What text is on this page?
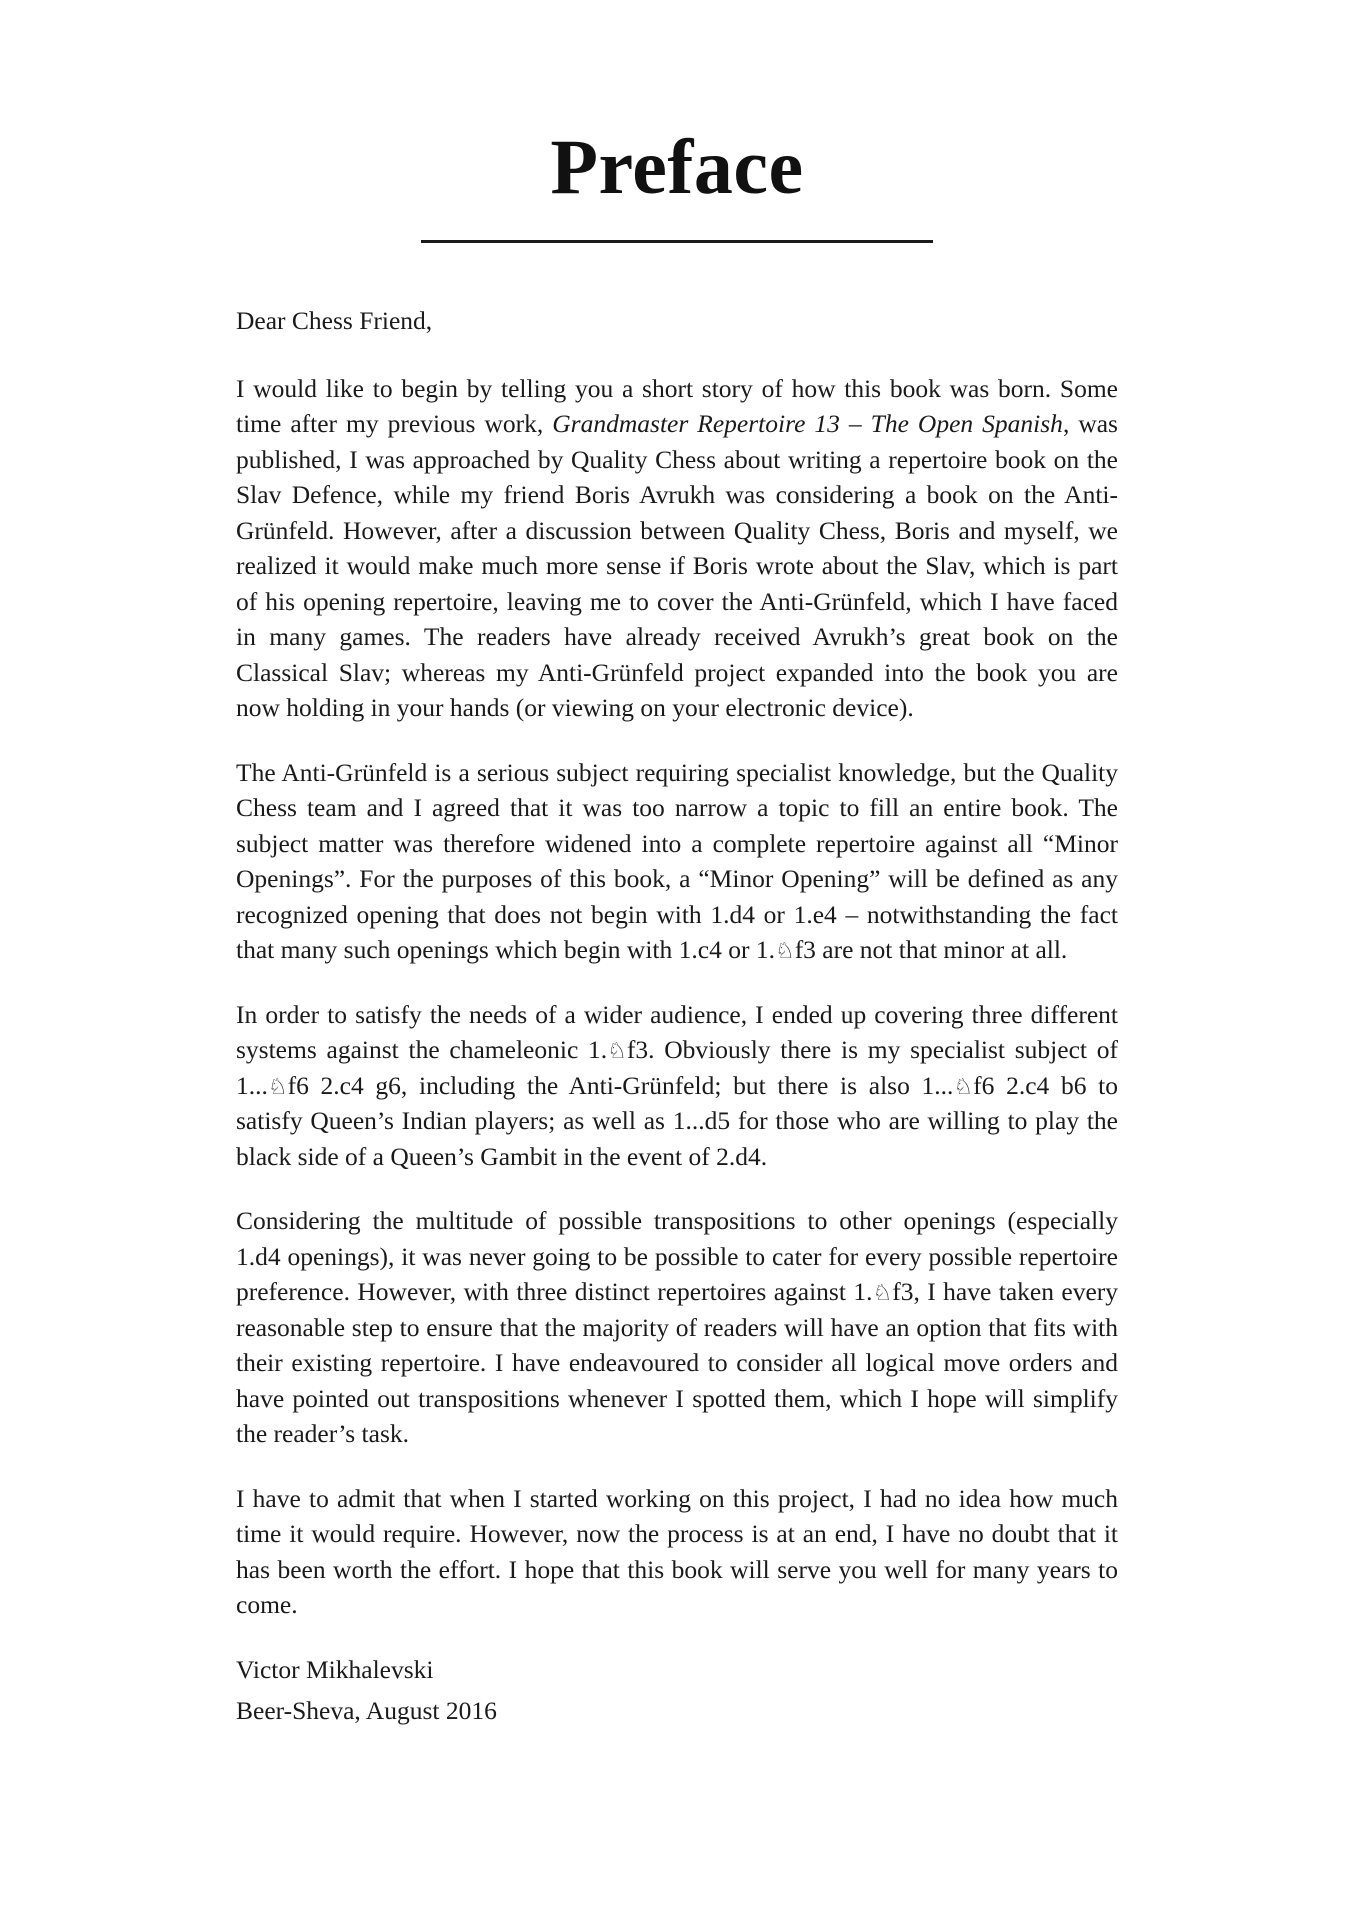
Preface

Dear Chess Friend,

I would like to begin by telling you a short story of how this book was born. Some time after my previous work, Grandmaster Repertoire 13 – The Open Spanish, was published, I was approached by Quality Chess about writing a repertoire book on the Slav Defence, while my friend Boris Avrukh was considering a book on the Anti-Grünfeld. However, after a discussion between Quality Chess, Boris and myself, we realized it would make much more sense if Boris wrote about the Slav, which is part of his opening repertoire, leaving me to cover the Anti-Grünfeld, which I have faced in many games. The readers have already received Avrukh’s great book on the Classical Slav; whereas my Anti-Grünfeld project expanded into the book you are now holding in your hands (or viewing on your electronic device).

The Anti-Grünfeld is a serious subject requiring specialist knowledge, but the Quality Chess team and I agreed that it was too narrow a topic to fill an entire book. The subject matter was therefore widened into a complete repertoire against all “Minor Openings”. For the purposes of this book, a “Minor Opening” will be defined as any recognized opening that does not begin with 1.d4 or 1.e4 – notwithstanding the fact that many such openings which begin with 1.c4 or 1.♘f3 are not that minor at all.

In order to satisfy the needs of a wider audience, I ended up covering three different systems against the chameleonic 1.♘f3. Obviously there is my specialist subject of 1...♘f6 2.c4 g6, including the Anti-Grünfeld; but there is also 1...♘f6 2.c4 b6 to satisfy Queen’s Indian players; as well as 1...d5 for those who are willing to play the black side of a Queen’s Gambit in the event of 2.d4.

Considering the multitude of possible transpositions to other openings (especially 1.d4 openings), it was never going to be possible to cater for every possible repertoire preference. However, with three distinct repertoires against 1.♘f3, I have taken every reasonable step to ensure that the majority of readers will have an option that fits with their existing repertoire. I have endeavoured to consider all logical move orders and have pointed out transpositions whenever I spotted them, which I hope will simplify the reader’s task.

I have to admit that when I started working on this project, I had no idea how much time it would require. However, now the process is at an end, I have no doubt that it has been worth the effort. I hope that this book will serve you well for many years to come.

Victor Mikhalevski

Beer-Sheva, August 2016
